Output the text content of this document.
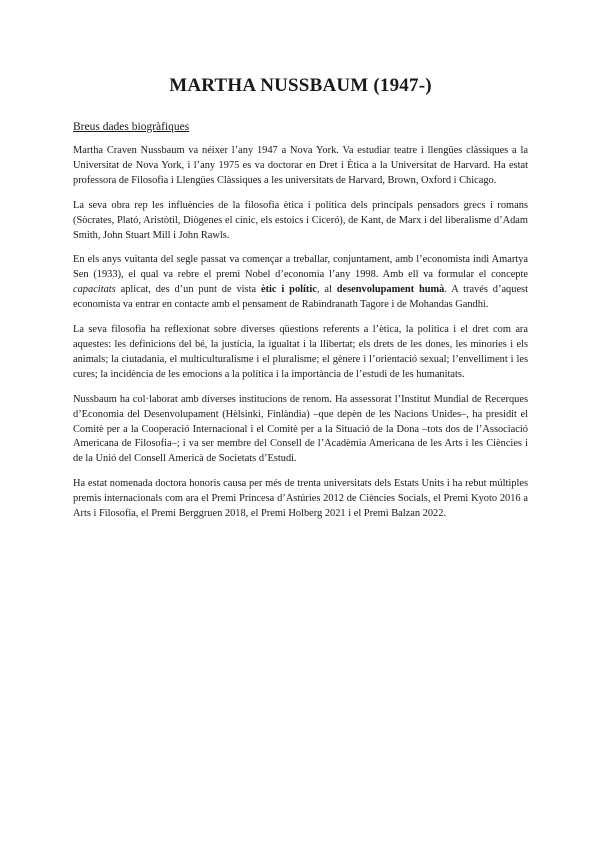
MARTHA NUSSBAUM (1947-)
Breus dades biogràfiques

Martha Craven Nussbaum va néixer l’any 1947 a Nova York. Va estudiar teatre i llengües clàssiques a la Universitat de Nova York, i l’any 1975 es va doctorar en Dret i Ètica a la Universitat de Harvard. Ha estat professora de Filosofia i Llengües Clàssiques a les universitats de Harvard, Brown, Oxford i Chicago.

La seva obra rep les influències de la filosofia ètica i política dels principals pensadors grecs i romans (Sòcrates, Plató, Aristòtil, Diògenes el cínic, els estoics i Ciceró), de Kant, de Marx i del liberalisme d’Adam Smith, John Stuart Mill i John Rawls.

En els anys vuitanta del segle passat va començar a treballar, conjuntament, amb l’economista indi Amartya Sen (1933), el qual va rebre el premi Nobel d’economia l’any 1998. Amb ell va formular el concepte capacitats aplicat, des d’un punt de vista ètic i polític, al desenvolupament humà. A través d’aquest economista va entrar en contacte amb el pensament de Rabindranath Tagore i de Mohandas Gandhi.

La seva filosofia ha reflexionat sobre diverses qüestions referents a l’ètica, la política i el dret com ara aquestes: les definicions del bé, la justícia, la igualtat i la llibertat; els drets de les dones, les minories i els animals; la ciutadania, el multiculturalisme i el pluralisme; el gènere i l’orientació sexual; l’envelliment i les cures; la incidència de les emocions a la política i la importància de l’estudi de les humanitats.

Nussbaum ha col·laborat amb diverses institucions de renom. Ha assessorat l’Institut Mundial de Recerques d’Economia del Desenvolupament (Hèlsinki, Finlàndia) –que depèn de les Nacions Unides–, ha presidit el Comitè per a la Cooperació Internacional i el Comitè per a la Situació de la Dona –tots dos de l’Associació Americana de Filosofia–; i va ser membre del Consell de l’Acadèmia Americana de les Arts i les Ciències i de la Unió del Consell Americà de Societats d’Estudi.

Ha estat nomenada doctora honoris causa per més de trenta universitats dels Estats Units i ha rebut múltiples premis internacionals com ara el Premi Princesa d’Astúries 2012 de Ciències Socials, el Premi Kyoto 2016 a Arts i Filosofia, el Premi Berggruen 2018, el Premi Holberg 2021 i el Premi Balzan 2022.
